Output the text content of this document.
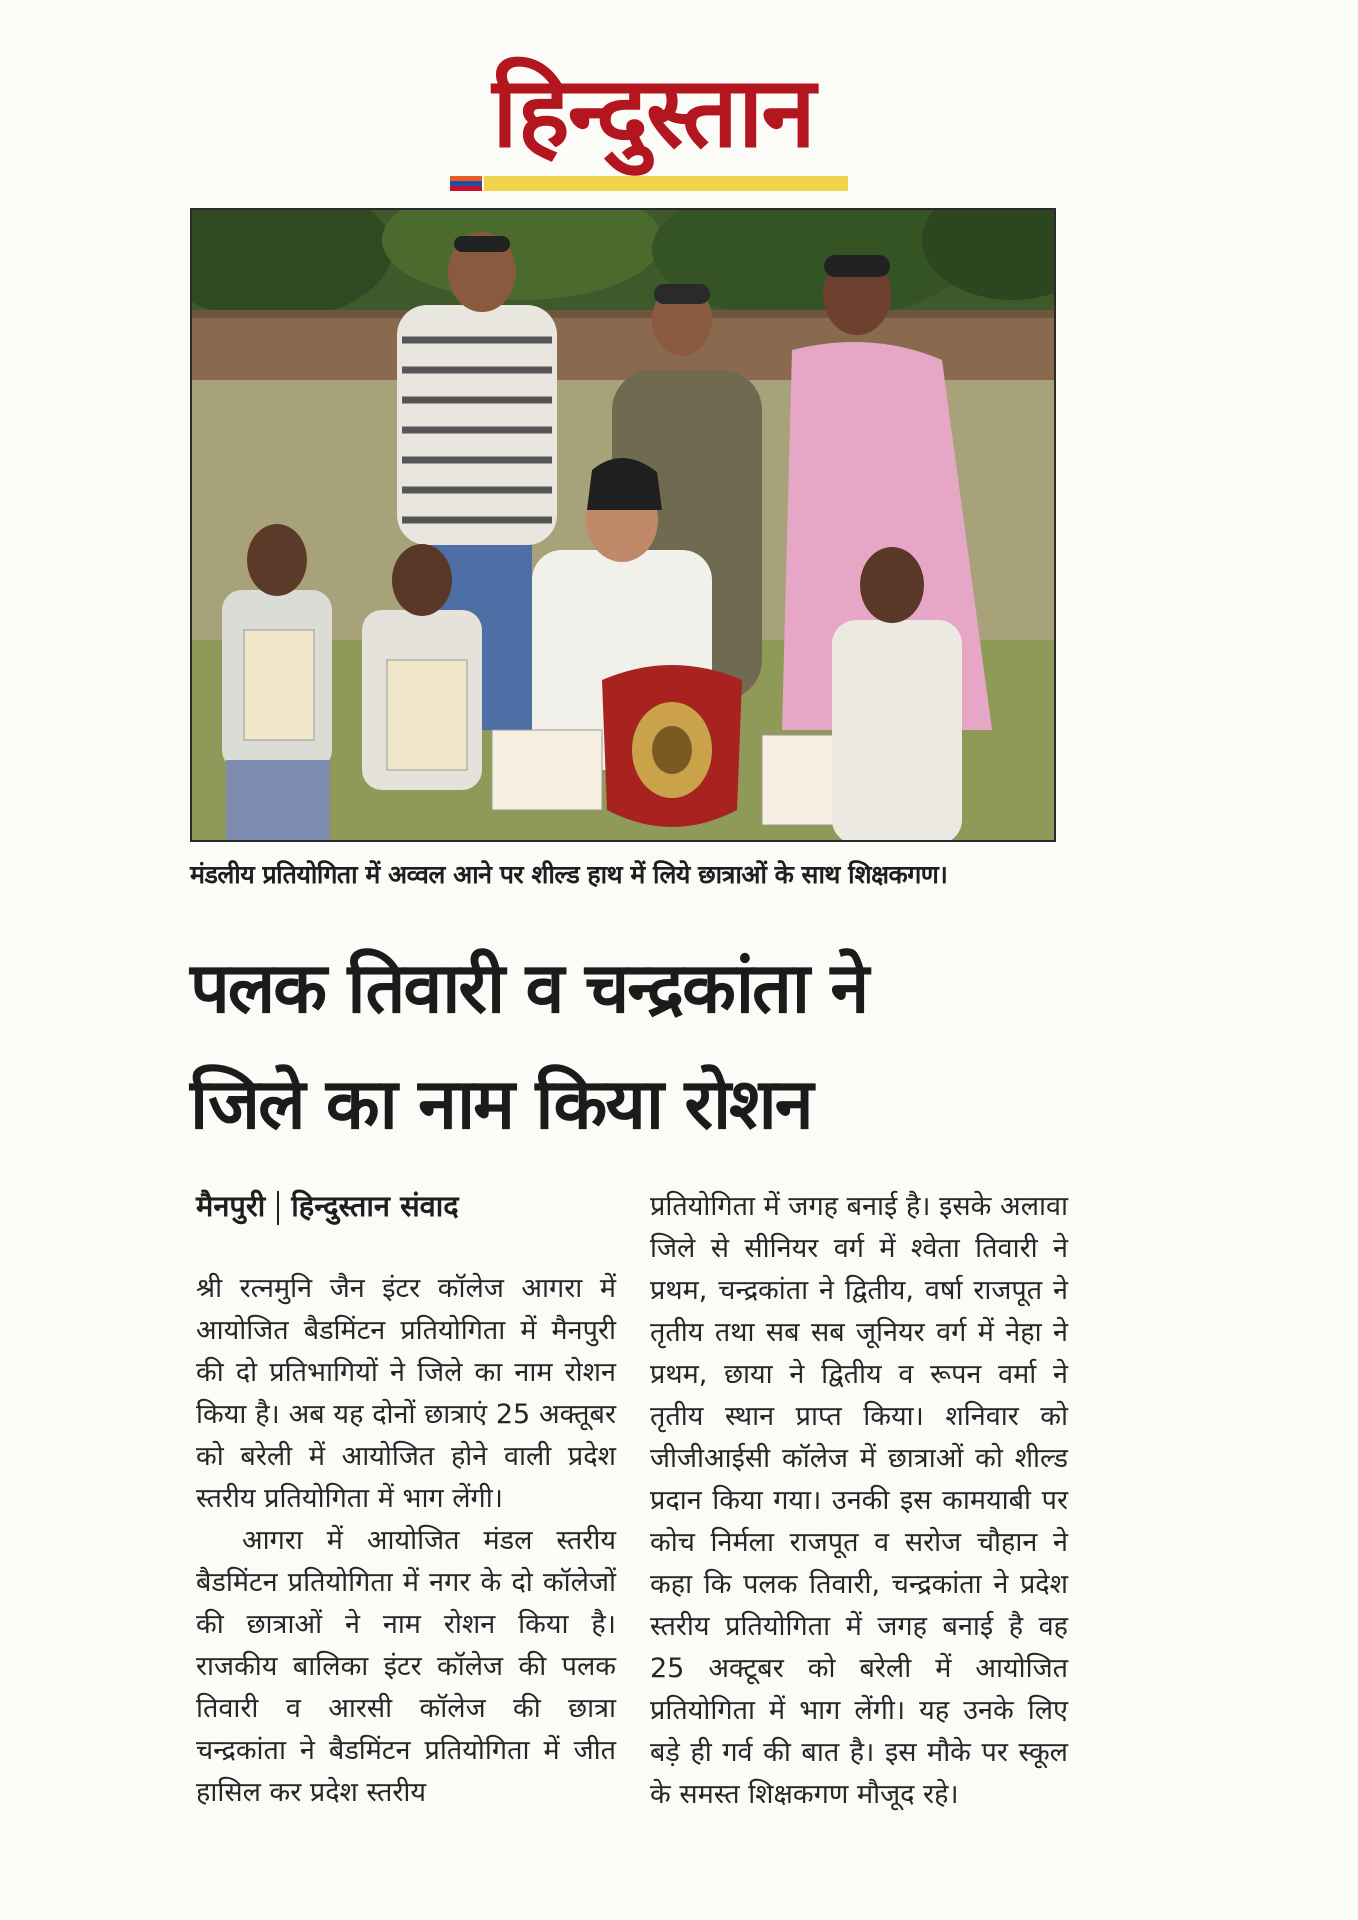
हिन्दुस्तान
मंडलीय प्रतियोगिता में अव्वल आने पर शील्ड हाथ में लिये छात्राओं के साथ शिक्षकगण।
पलक तिवारी व चन्द्रकांता ने
जिले का नाम किया रोशन
मैनपुरी हिन्दुस्तान संवाद

श्री रत्नमुनि जैन इंटर कॉलेज आगरा में आयोजित बैडमिंटन प्रतियोगिता में मैनपुरी की दो प्रतिभागियों ने जिले का नाम रोशन किया है। अब यह दोनों छात्राएं 25 अक्तूबर को बरेली में आयोजित होने वाली प्रदेश स्तरीय प्रतियोगिता में भाग लेंगी।

आगरा में आयोजित मंडल स्तरीय बैडमिंटन प्रतियोगिता में नगर के दो कॉलेजों की छात्राओं ने नाम रोशन किया है। राजकीय बालिका इंटर कॉलेज की पलक तिवारी व आरसी कॉलेज की छात्रा चन्द्रकांता ने बैडमिंटन प्रतियोगिता में जीत हासिल कर प्रदेश स्तरीय

प्रतियोगिता में जगह बनाई है। इसके अलावा जिले से सीनियर वर्ग में श्वेता तिवारी ने प्रथम, चन्द्रकांता ने द्वितीय, वर्षा राजपूत ने तृतीय तथा सब सब जूनियर वर्ग में नेहा ने प्रथम, छाया ने द्वितीय व रूपन वर्मा ने तृतीय स्थान प्राप्त किया। शनिवार को जीजीआईसी कॉलेज में छात्राओं को शील्ड प्रदान किया गया। उनकी इस कामयाबी पर कोच निर्मला राजपूत व सरोज चौहान ने कहा कि पलक तिवारी, चन्द्रकांता ने प्रदेश स्तरीय प्रतियोगिता में जगह बनाई है वह 25 अक्टूबर को बरेली में आयोजित प्रतियोगिता में भाग लेंगी। यह उनके लिए बड़े ही गर्व की बात है। इस मौके पर स्कूल के समस्त शिक्षकगण मौजूद रहे।
